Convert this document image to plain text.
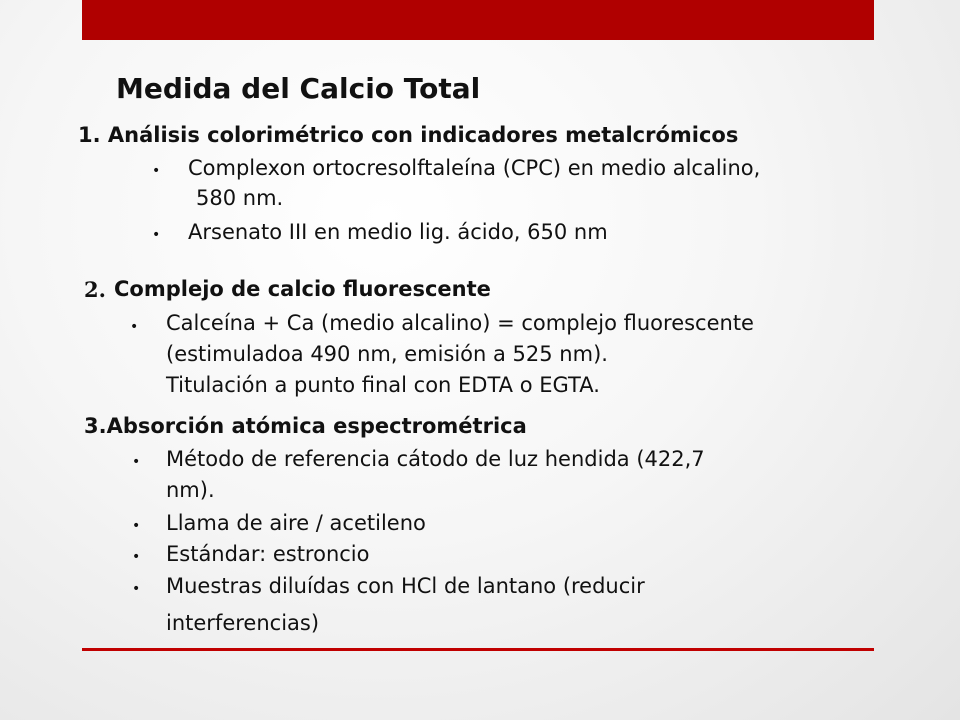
Medida del Calcio Total
1. Análisis colorimétrico con indicadores metalcrómicos
• Complexon ortocresolftaleína (CPC) en medio alcalino,
580 nm.
• Arsenato III en medio lig. ácido, 650 nm
2. Complejo de calcio fluorescente
• Calceína + Ca (medio alcalino) = complejo fluorescente
(estimuladoa 490 nm, emisión a 525 nm).
Titulación a punto final con EDTA o EGTA.
3.Absorción atómica espectrométrica
• Método de referencia cátodo de luz hendida (422,7
nm).
• Llama de aire / acetileno
• Estándar: estroncio
• Muestras diluídas con HCl de lantano (reducir
interferencias)
